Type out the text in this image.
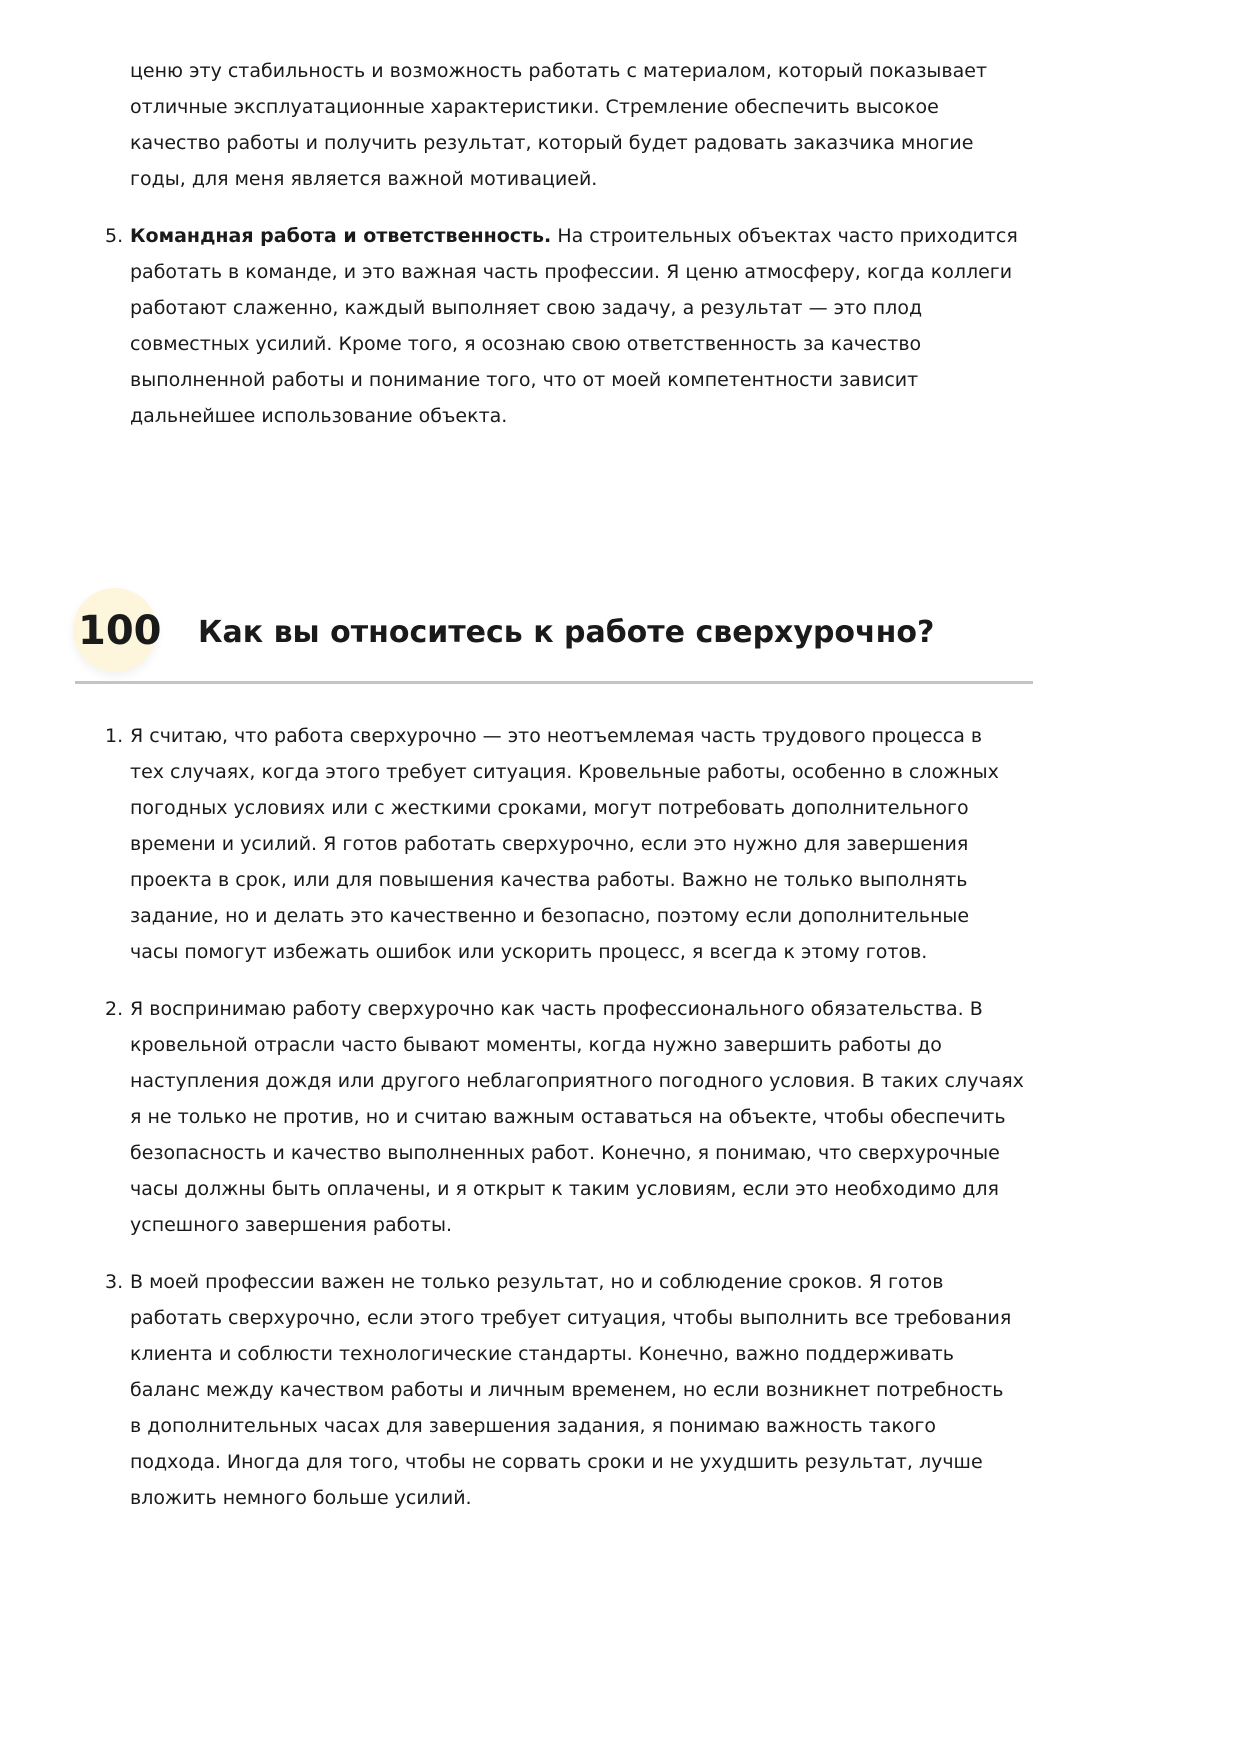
ценю эту стабильность и возможность работать с материалом, который показывает
отличные эксплуатационные характеристики. Стремление обеспечить высокое
качество работы и получить результат, который будет радовать заказчика многие
годы, для меня является важной мотивацией.
5. Командная работа и ответственность. На строительных объектах часто приходится
работать в команде, и это важная часть профессии. Я ценю атмосферу, когда коллеги
работают слаженно, каждый выполняет свою задачу, а результат — это плод
совместных усилий. Кроме того, я осознаю свою ответственность за качество
выполненной работы и понимание того, что от моей компетентности зависит
дальнейшее использование объекта.
100 Как вы относитесь к работе сверхурочно?
1. Я считаю, что работа сверхурочно — это неотъемлемая часть трудового процесса в
тех случаях, когда этого требует ситуация. Кровельные работы, особенно в сложных
погодных условиях или с жесткими сроками, могут потребовать дополнительного
времени и усилий. Я готов работать сверхурочно, если это нужно для завершения
проекта в срок, или для повышения качества работы. Важно не только выполнять
задание, но и делать это качественно и безопасно, поэтому если дополнительные
часы помогут избежать ошибок или ускорить процесс, я всегда к этому готов.
2. Я воспринимаю работу сверхурочно как часть профессионального обязательства. В
кровельной отрасли часто бывают моменты, когда нужно завершить работы до
наступления дождя или другого неблагоприятного погодного условия. В таких случаях
я не только не против, но и считаю важным оставаться на объекте, чтобы обеспечить
безопасность и качество выполненных работ. Конечно, я понимаю, что сверхурочные
часы должны быть оплачены, и я открыт к таким условиям, если это необходимо для
успешного завершения работы.
3. В моей профессии важен не только результат, но и соблюдение сроков. Я готов
работать сверхурочно, если этого требует ситуация, чтобы выполнить все требования
клиента и соблюсти технологические стандарты. Конечно, важно поддерживать
баланс между качеством работы и личным временем, но если возникнет потребность
в дополнительных часах для завершения задания, я понимаю важность такого
подхода. Иногда для того, чтобы не сорвать сроки и не ухудшить результат, лучше
вложить немного больше усилий.
